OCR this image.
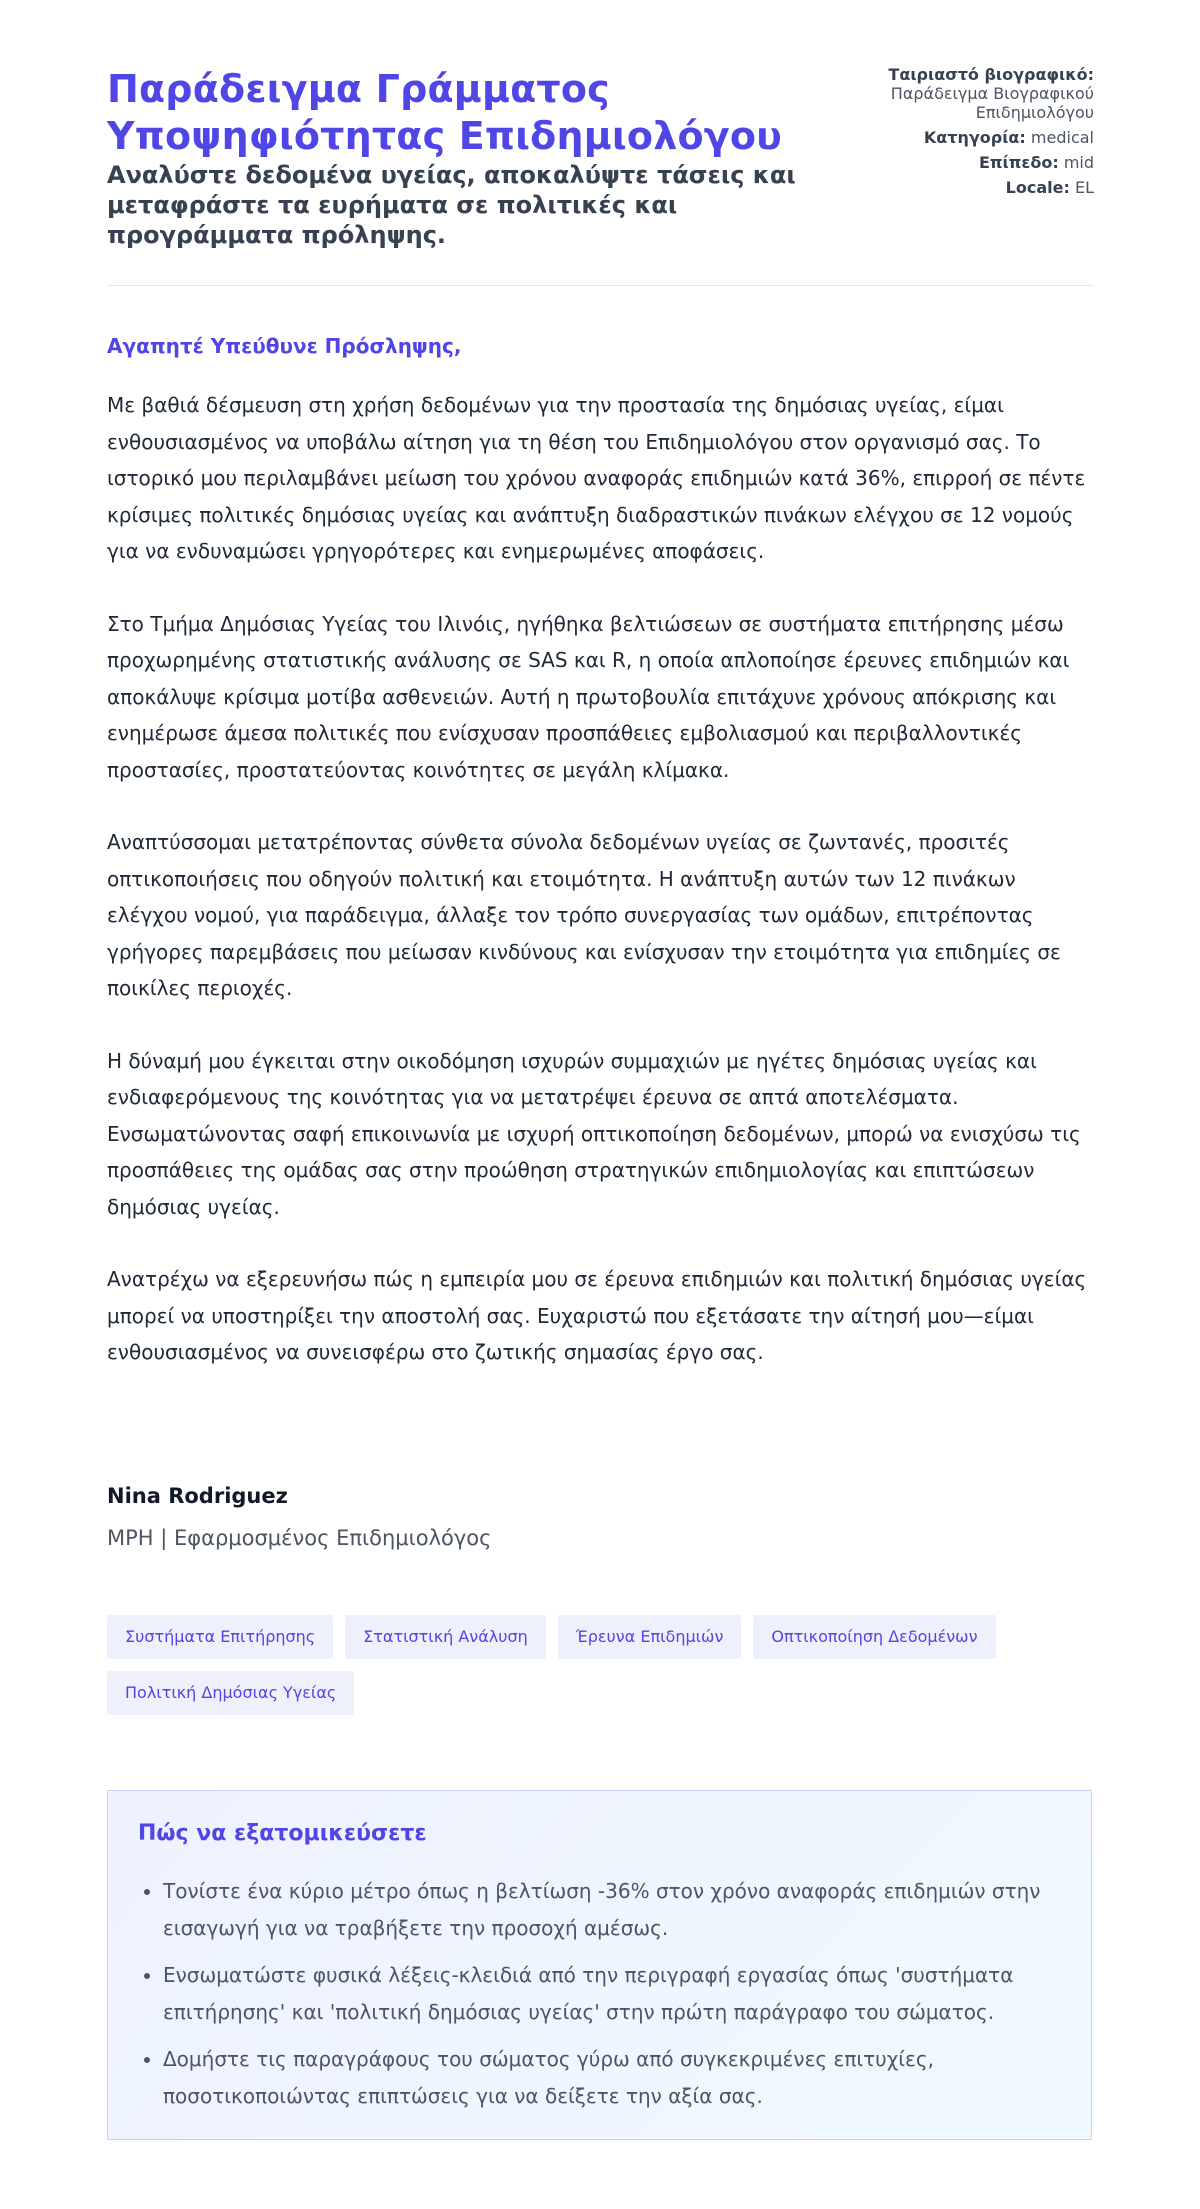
Παράδειγμα Γράμματος Υποψηφιότητας Επιδημιολόγου

Αναλύστε δεδομένα υγείας, αποκαλύψτε τάσεις και μεταφράστε τα ευρήματα σε πολιτικές και προγράμματα πρόληψης.

Ταιριαστό βιογραφικό:
Παράδειγμα Βιογραφικού Επιδημιολόγου
Κατηγορία: medical
Επίπεδο: mid
Locale: EL

Αγαπητέ Υπεύθυνε Πρόσληψης,

Με βαθιά δέσμευση στη χρήση δεδομένων για την προστασία της δημόσιας υγείας, είμαι ενθουσιασμένος να υποβάλω αίτηση για τη θέση του Επιδημιολόγου στον οργανισμό σας. Το ιστορικό μου περιλαμβάνει μείωση του χρόνου αναφοράς επιδημιών κατά 36%, επιρροή σε πέντε κρίσιμες πολιτικές δημόσιας υγείας και ανάπτυξη διαδραστικών πινάκων ελέγχου σε 12 νομούς για να ενδυναμώσει γρηγορότερες και ενημερωμένες αποφάσεις.

Στο Τμήμα Δημόσιας Υγείας του Ιλινόις, ηγήθηκα βελτιώσεων σε συστήματα επιτήρησης μέσω προχωρημένης στατιστικής ανάλυσης σε SAS και R, η οποία απλοποίησε έρευνες επιδημιών και αποκάλυψε κρίσιμα μοτίβα ασθενειών. Αυτή η πρωτοβουλία επιτάχυνε χρόνους απόκρισης και ενημέρωσε άμεσα πολιτικές που ενίσχυσαν προσπάθειες εμβολιασμού και περιβαλλοντικές προστασίες, προστατεύοντας κοινότητες σε μεγάλη κλίμακα.

Αναπτύσσομαι μετατρέποντας σύνθετα σύνολα δεδομένων υγείας σε ζωντανές, προσιτές οπτικοποιήσεις που οδηγούν πολιτική και ετοιμότητα. Η ανάπτυξη αυτών των 12 πινάκων ελέγχου νομού, για παράδειγμα, άλλαξε τον τρόπο συνεργασίας των ομάδων, επιτρέποντας γρήγορες παρεμβάσεις που μείωσαν κινδύνους και ενίσχυσαν την ετοιμότητα για επιδημίες σε ποικίλες περιοχές.

Η δύναμή μου έγκειται στην οικοδόμηση ισχυρών συμμαχιών με ηγέτες δημόσιας υγείας και ενδιαφερόμενους της κοινότητας για να μετατρέψει έρευνα σε απτά αποτελέσματα. Ενσωματώνοντας σαφή επικοινωνία με ισχυρή οπτικοποίηση δεδομένων, μπορώ να ενισχύσω τις προσπάθειες της ομάδας σας στην προώθηση στρατηγικών επιδημιολογίας και επιπτώσεων δημόσιας υγείας.

Ανατρέχω να εξερευνήσω πώς η εμπειρία μου σε έρευνα επιδημιών και πολιτική δημόσιας υγείας μπορεί να υποστηρίξει την αποστολή σας. Ευχαριστώ που εξετάσατε την αίτησή μου—είμαι ενθουσιασμένος να συνεισφέρω στο ζωτικής σημασίας έργο σας.

Nina Rodriguez

MPH | Εφαρμοσμένος Επιδημιολόγος

Συστήματα Επιτήρησης	Στατιστική Ανάλυση	Έρευνα Επιδημιών	Οπτικοποίηση Δεδομένων
Πολιτική Δημόσιας Υγείας
Πώς να εξατομικεύσετε
• Τονίστε ένα κύριο μέτρο όπως η βελτίωση -36% στον χρόνο αναφοράς επιδημιών στην εισαγωγή για να τραβήξετε την προσοχή αμέσως.
• Ενσωματώστε φυσικά λέξεις-κλειδιά από την περιγραφή εργασίας όπως 'συστήματα επιτήρησης' και 'πολιτική δημόσιας υγείας' στην πρώτη παράγραφο του σώματος.
• Δομήστε τις παραγράφους του σώματος γύρω από συγκεκριμένες επιτυχίες, ποσοτικοποιώντας επιπτώσεις για να δείξετε την αξία σας.
